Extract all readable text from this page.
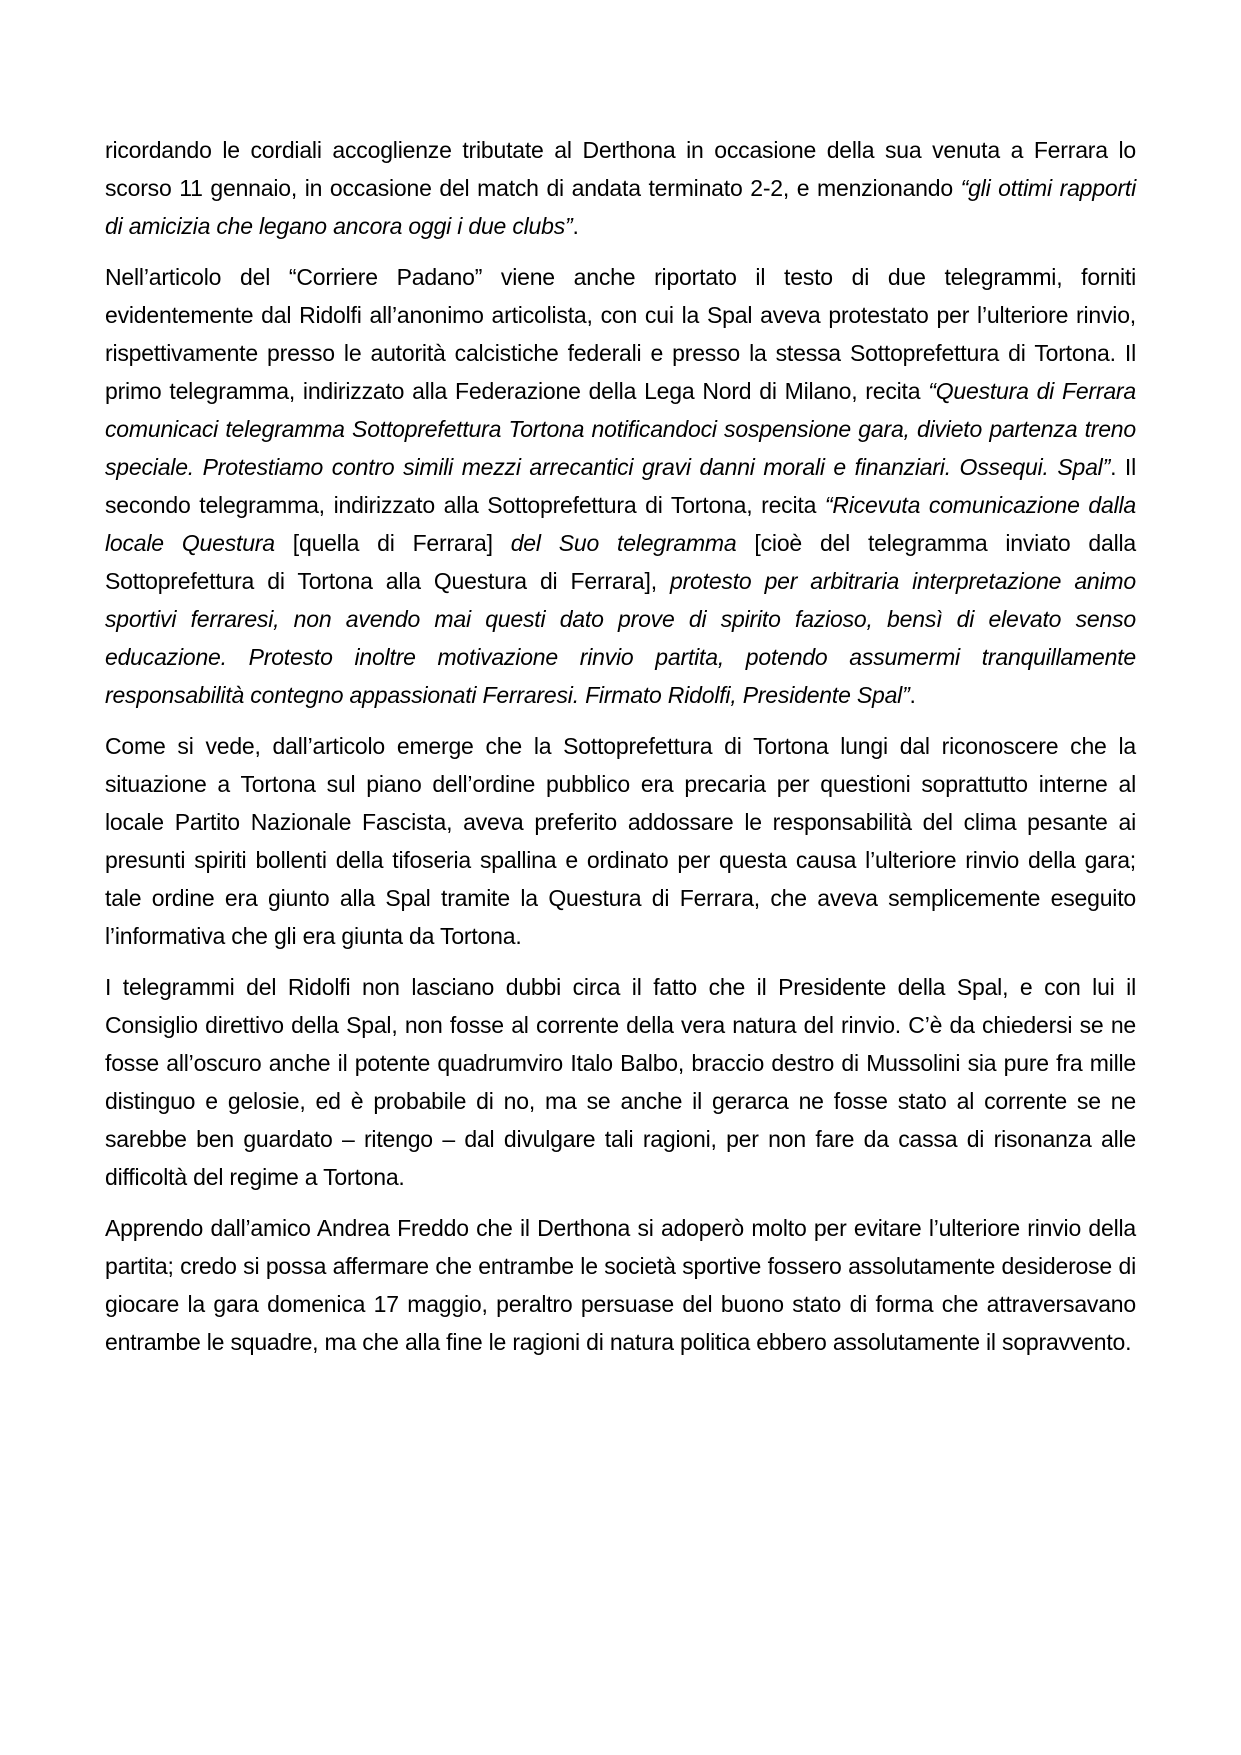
ricordando le cordiali accoglienze tributate al Derthona in occasione della sua venuta a Ferrara lo scorso 11 gennaio, in occasione del match di andata terminato 2-2, e menzionando “gli ottimi rapporti di amicizia che legano ancora oggi i due clubs”.

Nell’articolo del “Corriere Padano” viene anche riportato il testo di due telegrammi, forniti evidentemente dal Ridolfi all’anonimo articolista, con cui la Spal aveva protestato per l’ulteriore rinvio, rispettivamente presso le autorità calcistiche federali e presso la stessa Sottoprefettura di Tortona. Il primo telegramma, indirizzato alla Federazione della Lega Nord di Milano, recita “Questura di Ferrara comunicaci telegramma Sottoprefettura Tortona notificandoci sospensione gara, divieto partenza treno speciale. Protestiamo contro simili mezzi arrecantici gravi danni morali e finanziari. Ossequi. Spal”. Il secondo telegramma, indirizzato alla Sottoprefettura di Tortona, recita “Ricevuta comunicazione dalla locale Questura [quella di Ferrara] del Suo telegramma [cioè del telegramma inviato dalla Sottoprefettura di Tortona alla Questura di Ferrara], protesto per arbitraria interpretazione animo sportivi ferraresi, non avendo mai questi dato prove di spirito fazioso, bensì di elevato senso educazione. Protesto inoltre motivazione rinvio partita, potendo assumermi tranquillamente responsabilità contegno appassionati Ferraresi. Firmato Ridolfi, Presidente Spal”.

Come si vede, dall’articolo emerge che la Sottoprefettura di Tortona lungi dal riconoscere che la situazione a Tortona sul piano dell’ordine pubblico era precaria per questioni soprattutto interne al locale Partito Nazionale Fascista, aveva preferito addossare le responsabilità del clima pesante ai presunti spiriti bollenti della tifoseria spallina e ordinato per questa causa l’ulteriore rinvio della gara; tale ordine era giunto alla Spal tramite la Questura di Ferrara, che aveva semplicemente eseguito l’informativa che gli era giunta da Tortona.

I telegrammi del Ridolfi non lasciano dubbi circa il fatto che il Presidente della Spal, e con lui il Consiglio direttivo della Spal, non fosse al corrente della vera natura del rinvio. C’è da chiedersi se ne fosse all’oscuro anche il potente quadrumviro Italo Balbo, braccio destro di Mussolini sia pure fra mille distinguo e gelosie, ed è probabile di no, ma se anche il gerarca ne fosse stato al corrente se ne sarebbe ben guardato – ritengo – dal divulgare tali ragioni, per non fare da cassa di risonanza alle difficoltà del regime a Tortona.

Apprendo dall’amico Andrea Freddo che il Derthona si adoperò molto per evitare l’ulteriore rinvio della partita; credo si possa affermare che entrambe le società sportive fossero assolutamente desiderose di giocare la gara domenica 17 maggio, peraltro persuase del buono stato di forma che attraversavano entrambe le squadre, ma che alla fine le ragioni di natura politica ebbero assolutamente il sopravvento.
